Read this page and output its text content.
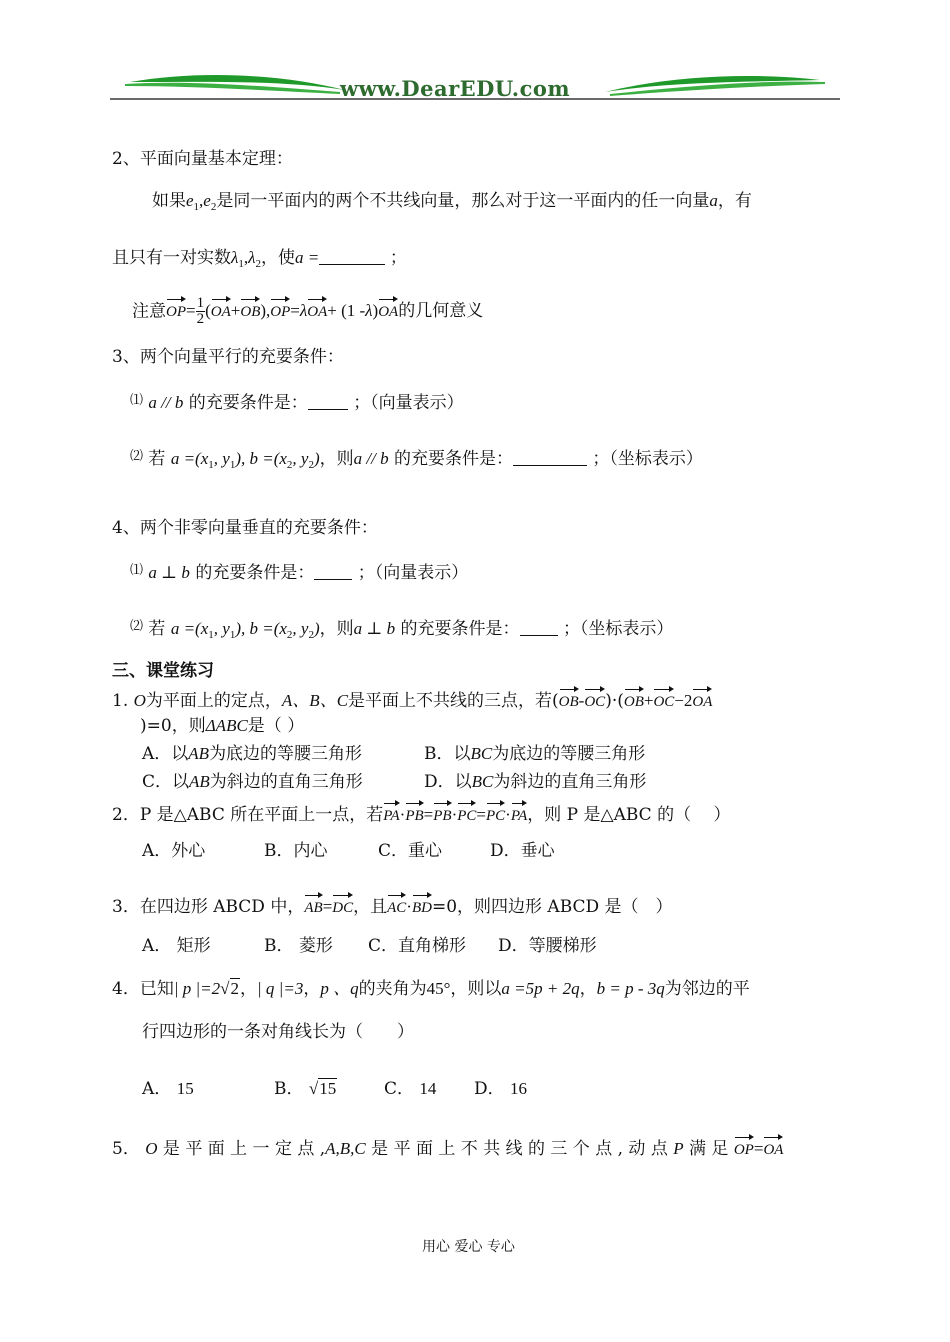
www.DearEDU.com
2、平面向量基本定理：
如果$e_1,e_2$是同一平面内的两个不共线向量，那么对于这一平面内的任一向量a，有
且只有一对实数$\lambda_1,\lambda_2$，使a =	；
注意$OP= \frac{1}{2} (OA+OB),OP=\lambda OA+ (1$ -λ)OA的几何意义
3、两个向量平行的充要条件：
⑴ a // b 的充要条件是：	；（向量表示）
⑵ 若 $a =(x_1$, $y_1$), $b =(x_2$, $y_2$)，则a // b 的充要条件是：	；（坐标表示）
4、两个非零向量垂直的充要条件：
⑴ a ⊥ b 的充要条件是：	；（向量表示）
⑵ 若 $a =(x_1$, $y_1$), $b =(x_2$, $y_2$)，则a ⊥ b 的充要条件是：	；（坐标表示）
三、课堂练习
1. O为平面上的定点，A、B、C是平面上不共线的三点，若(OB-OC)·(OB+OC−2OA
)=0，则ΔABC是（ ）
A．以AB为底边的等腰三角形	B．以BC为底边的等腰三角形
C．以AB为斜边的直角三角形	D．以BC为斜边的直角三角形
2．P 是△ABC 所在平面上一点，若PA·PB=PB·PC=PC·PA，则 P 是△ABC 的（　 ）
A．外心	B．内心	C．重心	D．垂心
3．在四边形 ABCD 中，AB=DC，且AC·BD=0，则四边形 ABCD 是（　）
A． 矩形	B． 菱形 C．直角梯形 D．等腰梯形
4．已知| p |=2√2，| q |=3，p 、q的夹角为45°，则以a =5p + 2q，b = p - 3q为邻边的平
行四边形的一条对角线长为（　　）
A． 15	B． √15	C． 14 D． 16
5． O 是 平 面 上 一 定 点 ,A,B,C 是 平 面 上 不 共 线 的 三 个 点 , 动 点 P 满 足 OP=OA
用心 爱心 专心
